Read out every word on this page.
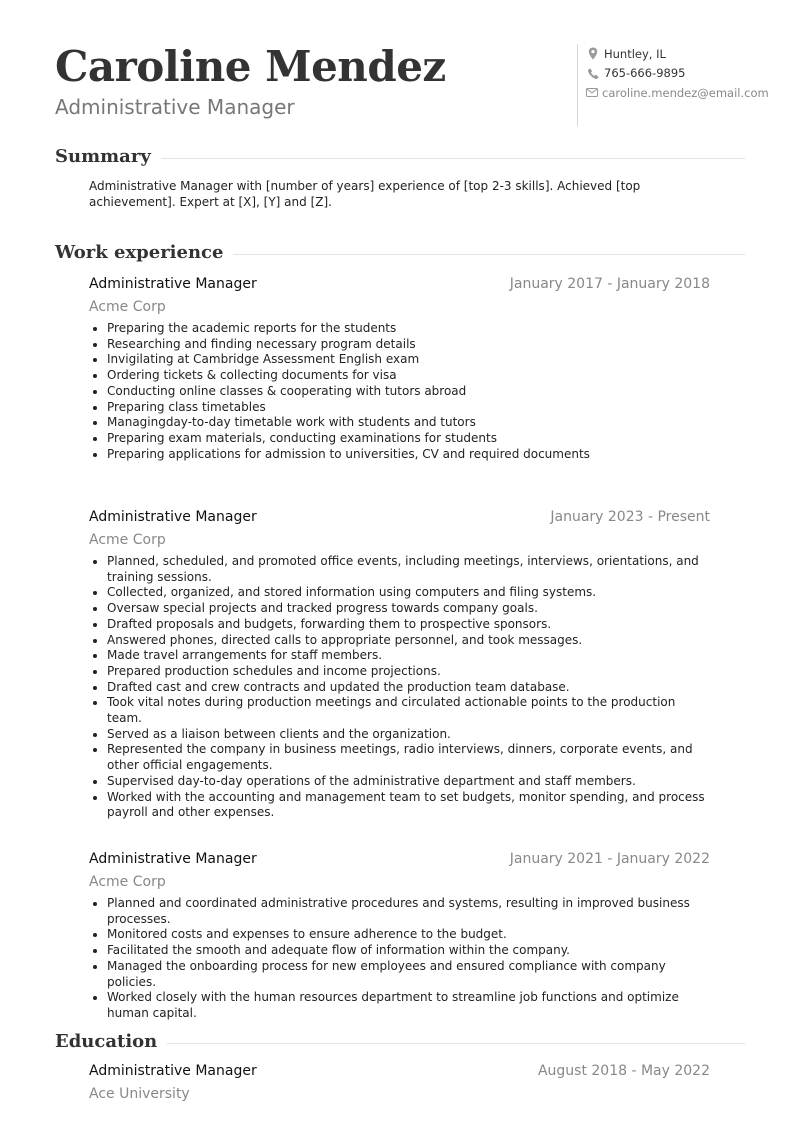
Caroline Mendez
Administrative Manager
Huntley, IL
765-666-9895
caroline.mendez@email.com
Summary
Administrative Manager with [number of years] experience of [top 2-3 skills]. Achieved [top achievement]. Expert at [X], [Y] and [Z].
Work experience
Administrative Manager	January 2017 - January 2018
Acme Corp
Preparing the academic reports for the students
Researching and finding necessary program details
Invigilating at Cambridge Assessment English exam
Ordering tickets & collecting documents for visa
Conducting online classes & cooperating with tutors abroad
Preparing class timetables
Managingday-to-day timetable work with students and tutors
Preparing exam materials, conducting examinations for students
Preparing applications for admission to universities, CV and required documents
Administrative Manager	January 2023 - Present
Acme Corp
Planned, scheduled, and promoted office events, including meetings, interviews, orientations, and training sessions.
Collected, organized, and stored information using computers and filing systems.
Oversaw special projects and tracked progress towards company goals.
Drafted proposals and budgets, forwarding them to prospective sponsors.
Answered phones, directed calls to appropriate personnel, and took messages.
Made travel arrangements for staff members.
Prepared production schedules and income projections.
Drafted cast and crew contracts and updated the production team database.
Took vital notes during production meetings and circulated actionable points to the production team.
Served as a liaison between clients and the organization.
Represented the company in business meetings, radio interviews, dinners, corporate events, and other official engagements.
Supervised day-to-day operations of the administrative department and staff members.
Worked with the accounting and management team to set budgets, monitor spending, and process payroll and other expenses.
Administrative Manager	January 2021 - January 2022
Acme Corp
Planned and coordinated administrative procedures and systems, resulting in improved business processes.
Monitored costs and expenses to ensure adherence to the budget.
Facilitated the smooth and adequate flow of information within the company.
Managed the onboarding process for new employees and ensured compliance with company policies.
Worked closely with the human resources department to streamline job functions and optimize human capital.
Education
Administrative Manager	August 2018 - May 2022
Ace University
